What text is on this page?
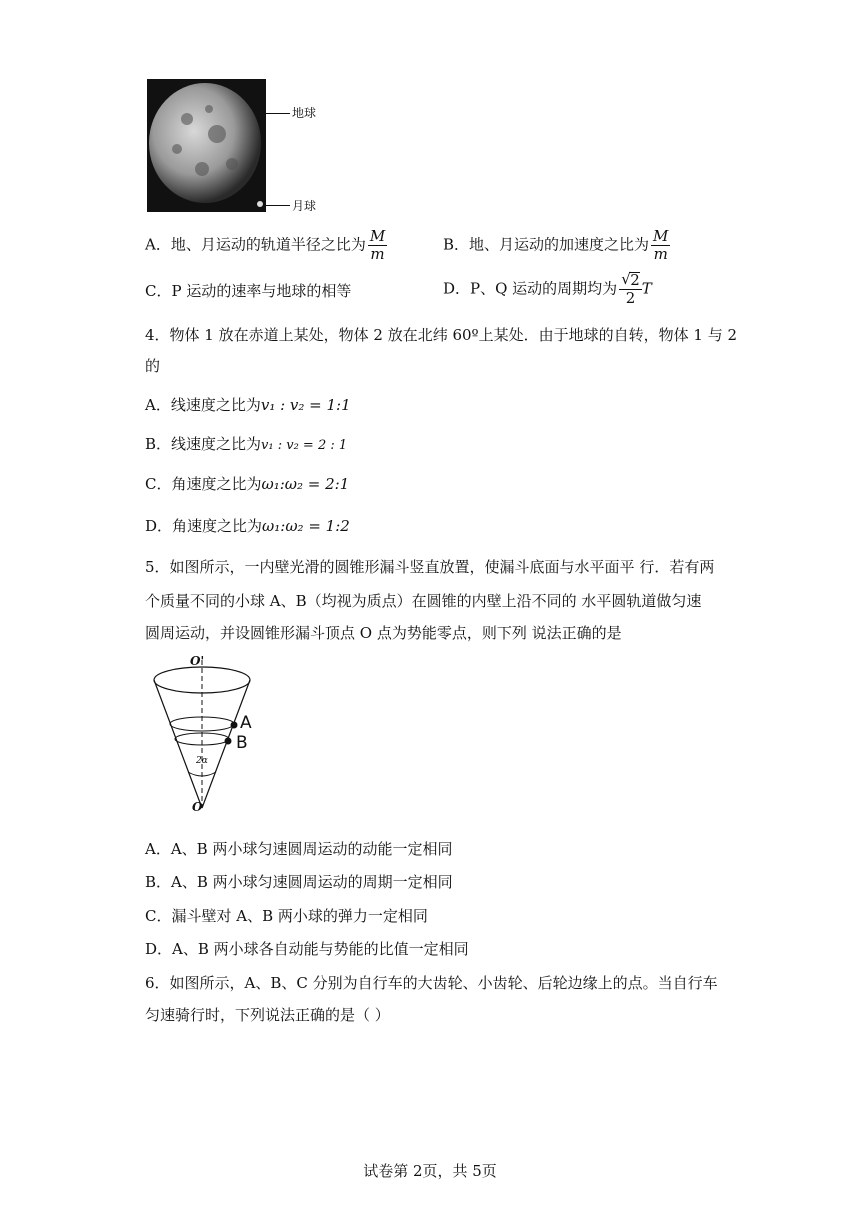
地球
月球
A．地、月运动的轨道半径之比为 $\frac{M}{m}$	B．地、月运动的加速度之比为 $\frac{M}{m}$
C．P 运动的速率与地球的相等	D．P、Q 运动的周期均为 $\frac{√ 2}{2}$ T
4．物体 1 放在赤道上某处，物体 2 放在北纬 60º上某处．由于地球的自转，物体 1 与 2
的
A．线速度之比为v₁ : v₂ = 1:1
B．线速度之比为v₁ : v₂ = 2 : 1
C．角速度之比为ω₁:ω₂ = 2:1
D．角速度之比为ω₁:ω₂ = 1:2
5．如图所示，一内壁光滑的圆锥形漏斗竖直放置，使漏斗底面与水平面平 行．若有两
个质量不同的小球 A、B（均视为质点）在圆锥的内壁上沿不同的 水平圆轨道做匀速
圆周运动，并设圆锥形漏斗顶点 O 点为势能零点，则下列 说法正确的是
O'
O
A
B
2α
A．A、B 两小球匀速圆周运动的动能一定相同
B．A、B 两小球匀速圆周运动的周期一定相同
C．漏斗壁对 A、B 两小球的弹力一定相同
D．A、B 两小球各自动能与势能的比值一定相同
6．如图所示，A、B、C 分别为自行车的大齿轮、小齿轮、后轮边缘上的点。当自行车
匀速骑行时，下列说法正确的是（ ）
试卷第 2页，共 5页
